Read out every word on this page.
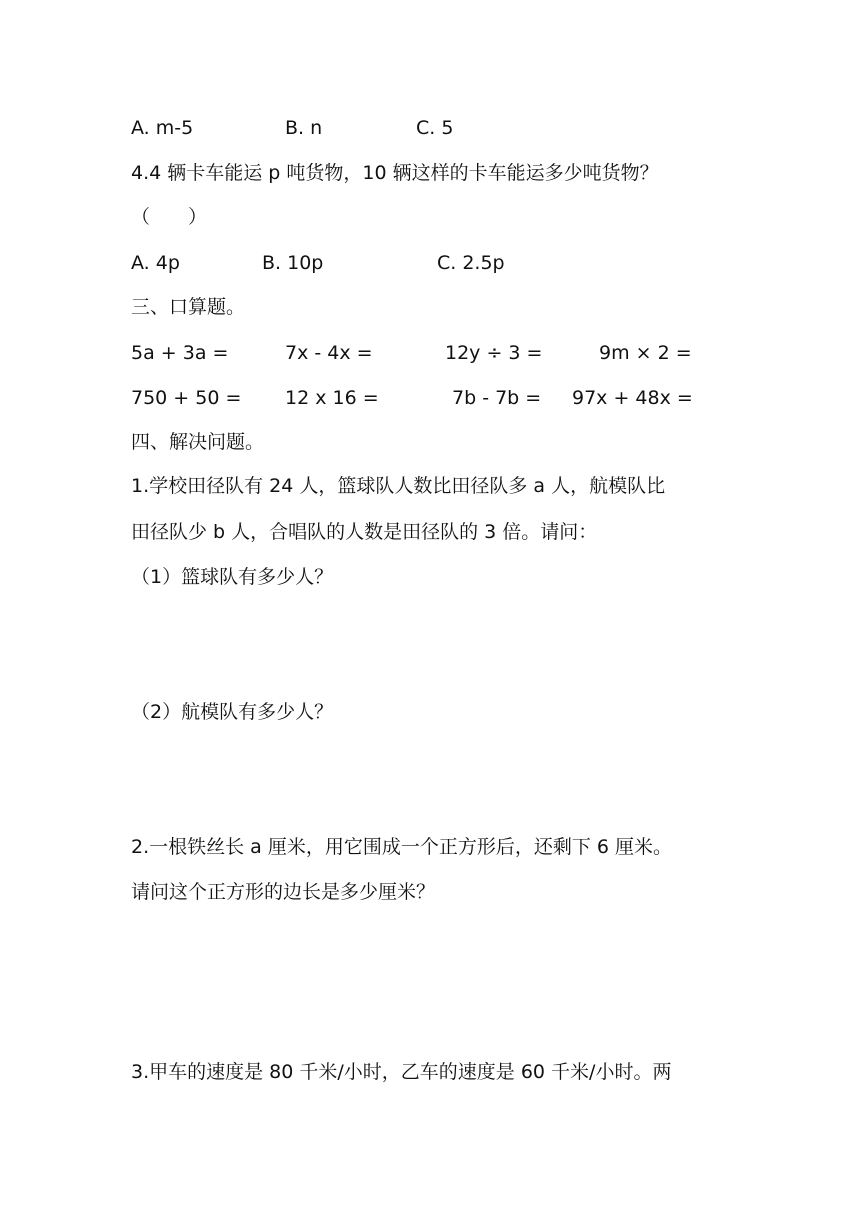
A. m-5	B. n	C. 5
4.4 辆卡车能运 p 吨货物，10 辆这样的卡车能运多少吨货物？
（　　）
A. 4p	B. 10p	C. 2.5p
三、口算题。
5a + 3a =	7x - 4x =	12y ÷ 3 =	9m × 2 =
750 + 50 = 12 x 16 =	7b - 7b = 97x + 48x =
四、解决问题。
1.学校田径队有 24 人，篮球队人数比田径队多 a 人，航模队比
田径队少 b 人，合唱队的人数是田径队的 3 倍。请问：
（1）篮球队有多少人？
（2）航模队有多少人？
2.一根铁丝长 a 厘米，用它围成一个正方形后，还剩下 6 厘米。
请问这个正方形的边长是多少厘米？
3.甲车的速度是 80 千米/小时，乙车的速度是 60 千米/小时。两
